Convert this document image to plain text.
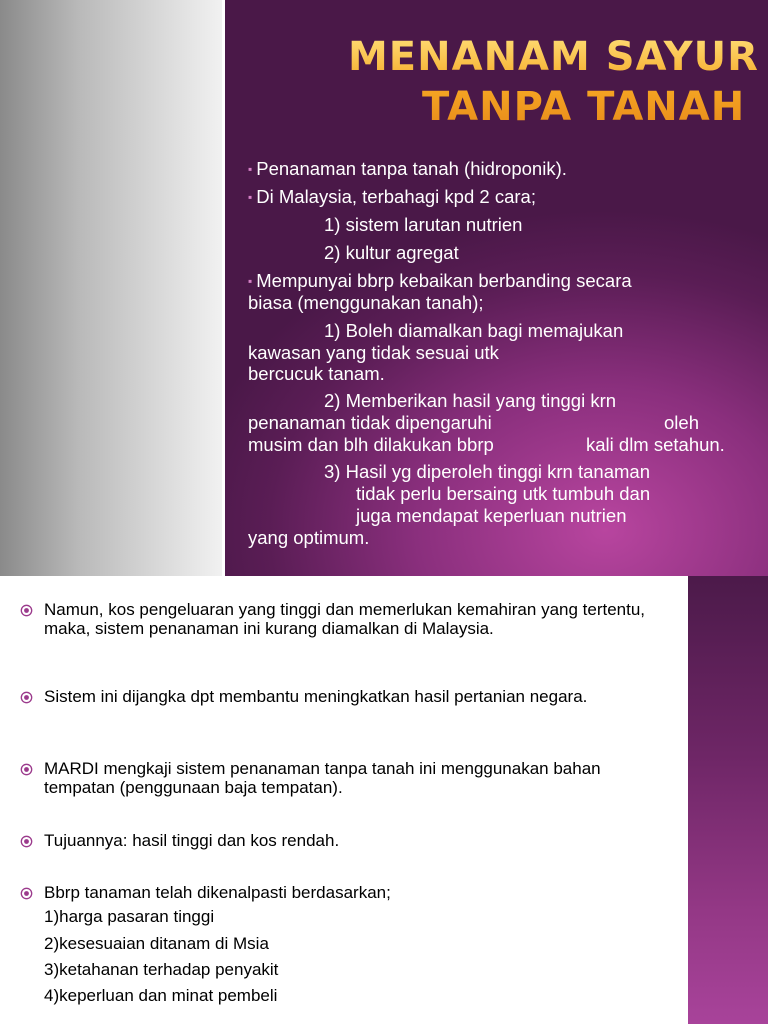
MENANAM SAYUR
TANPA TANAH
▪ Penanaman tanpa tanah (hidroponik).
▪ Di Malaysia, terbahagi kpd 2 cara;
1) sistem larutan nutrien
2) kultur agregat
▪ Mempunyai bbrp kebaikan berbanding secara
biasa (menggunakan tanah);
1) Boleh diamalkan bagi memajukan
kawasan yang tidak sesuai utk
bercucuk tanam.
2) Memberikan hasil yang tinggi krn
penanaman tidak dipengaruhi	oleh
musim dan blh dilakukan bbrp	kali dlm setahun.
3) Hasil yg diperoleh tinggi krn tanaman
tidak perlu bersaing utk tumbuh dan
juga mendapat keperluan nutrien
yang optimum.

Namun, kos pengeluaran yang tinggi dan memerlukan kemahiran yang tertentu, maka, sistem penanaman ini kurang diamalkan di Malaysia.

Sistem ini dijangka dpt membantu meningkatkan hasil pertanian negara.

MARDI mengkaji sistem penanaman tanpa tanah ini menggunakan bahan tempatan (penggunaan baja tempatan).

Tujuannya: hasil tinggi dan kos rendah.

Bbrp tanaman telah dikenalpasti berdasarkan;

1)harga pasaran tinggi

2)kesesuaian ditanam di Msia

3)ketahanan terhadap penyakit

4)keperluan dan minat pembeli
